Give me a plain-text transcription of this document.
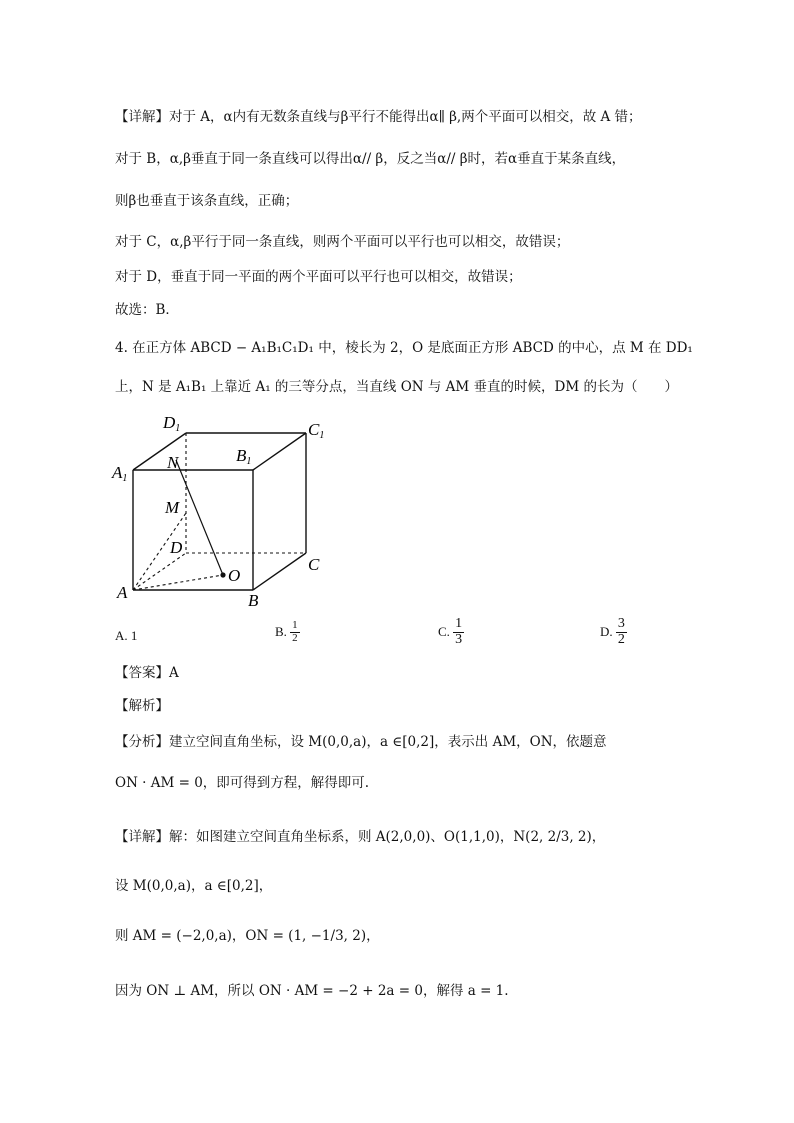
【详解】对于 A，α内有无数条直线与β平行不能得出α∥ β,两个平面可以相交，故 A 错；
对于 B，α,β垂直于同一条直线可以得出α// β，反之当α// β时，若α垂直于某条直线，
则β也垂直于该条直线，正确；
对于 C，α,β平行于同一条直线，则两个平面可以平行也可以相交，故错误；
对于 D，垂直于同一平面的两个平面可以平行也可以相交，故错误；
故选：B．
4. 在正方体 ABCD − A₁B₁C₁D₁ 中，棱长为 2，O 是底面正方形 ABCD 的中心，点 M 在 DD₁
上，N 是 A₁B₁ 上靠近 A₁ 的三等分点，当直线 ON 与 AM 垂直的时候，DM 的长为（　　）
A1
B1
C1
D1
N
M
D
O
C
A	B
A. 1	B. $\frac{1}{2}$	C. $\frac{1}{3}$	D. $\frac{3}{2}$
【答案】A
【解析】
【分析】建立空间直角坐标，设 M(0,0,a)，a ∈[0,2]，表示出 AM，ON，依题意
ON · AM = 0，即可得到方程，解得即可.
【详解】解：如图建立空间直角坐标系，则 A(2,0,0)、O(1,1,0)，N(2, 2/3, 2)，
设 M(0,0,a)，a ∈[0,2]，
则 AM = (−2,0,a)，ON = (1, −1/3, 2)，
因为 ON ⊥ AM，所以 ON · AM = −2 + 2a = 0，解得 a = 1.
